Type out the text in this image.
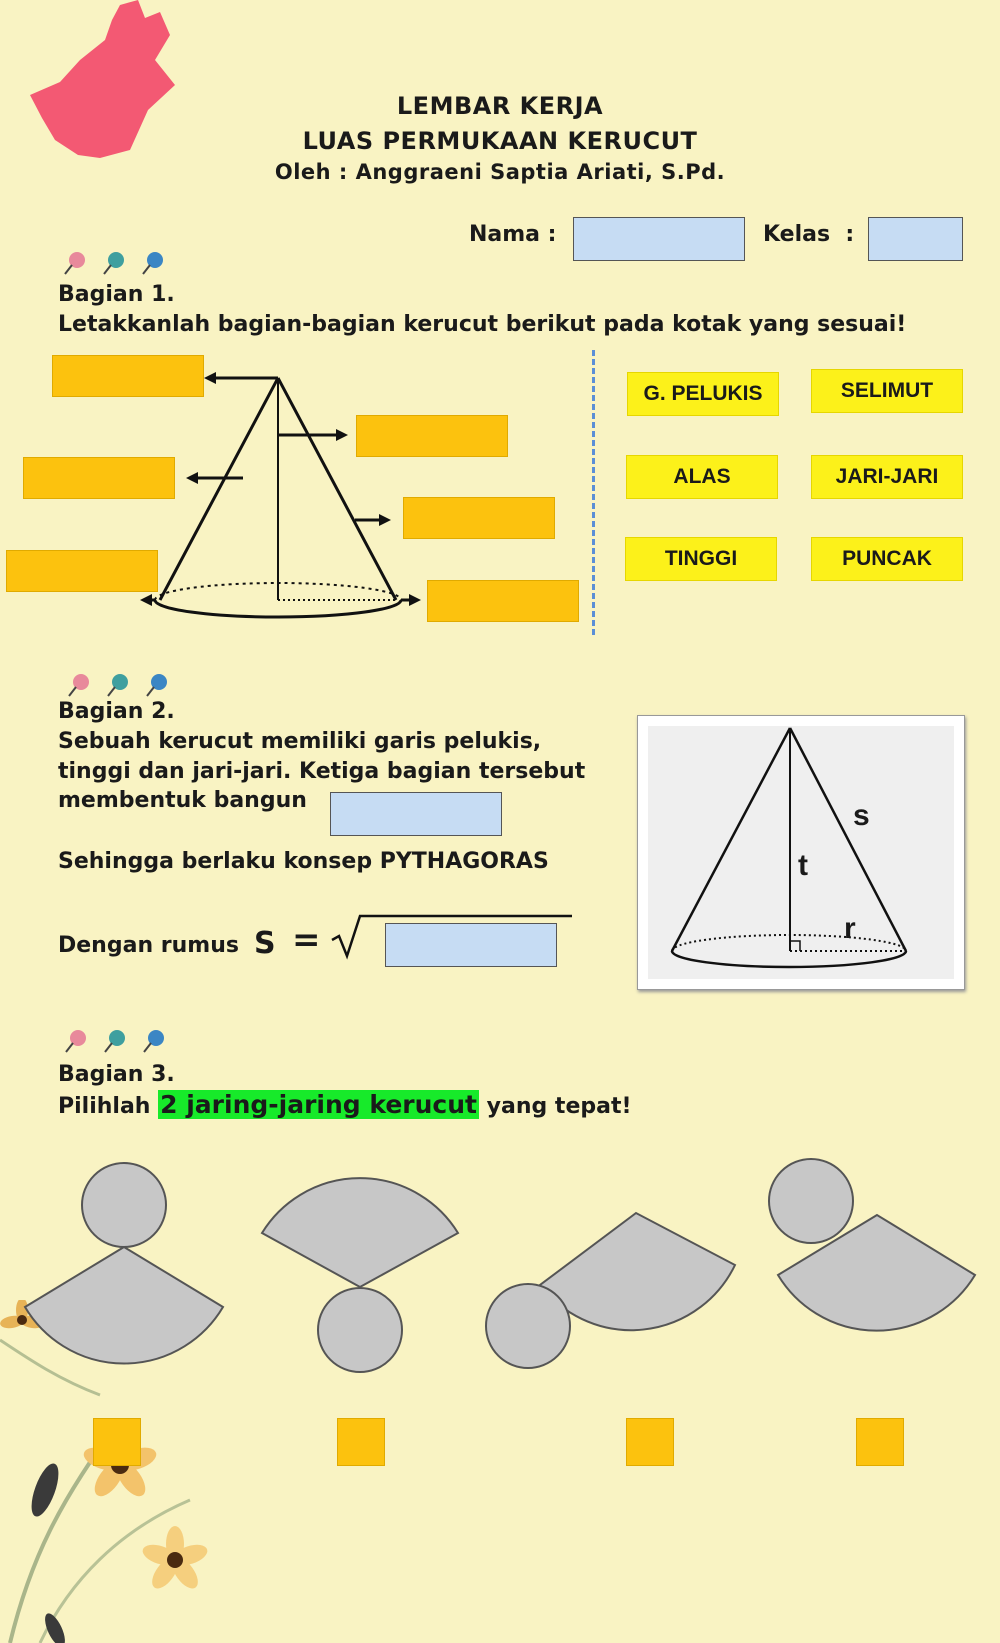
LEMBAR KERJA
LUAS PERMUKAAN KERUCUT
Oleh : Anggraeni Saptia Ariati, S.Pd.
Nama :	Kelas  :
Bagian 1.
Letakkanlah bagian-bagian kerucut berikut pada kotak yang sesuai!
G. PELUKIS	SELIMUT
ALAS	JARI-JARI
TINGGI	PUNCAK
Bagian 2.
Sebuah kerucut memiliki garis pelukis,
tinggi dan jari-jari. Ketiga bagian tersebut
membentuk bangun
Sehingga berlaku konsep PYTHAGORAS
Dengan rumus S =
s
t
r
Bagian 3.
Pilihlah 2 jaring-jaring kerucut yang tepat!
